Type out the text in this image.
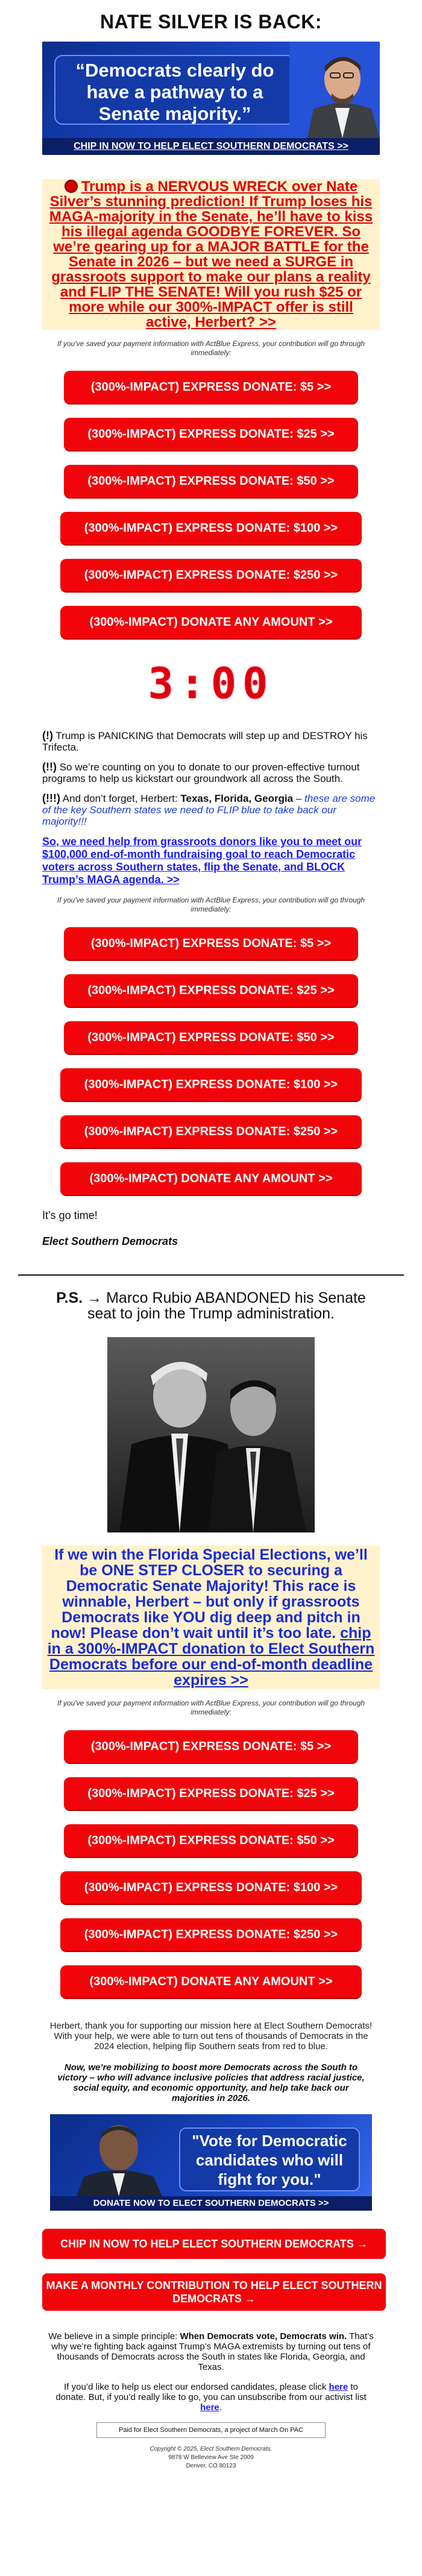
NATE SILVER IS BACK:
“Democrats clearly do have a pathway to a Senate majority.”
CHIP IN NOW TO HELP ELECT SOUTHERN DEMOCRATS >>

Trump is a NERVOUS WRECK over Nate Silver’s stunning prediction! If Trump loses his MAGA-majority in the Senate, he’ll have to kiss his illegal agenda GOODBYE FOREVER. So we’re gearing up for a MAJOR BATTLE for the Senate in 2026 – but we need a SURGE in grassroots support to make our plans a reality and FLIP THE SENATE! Will you rush $25 or more while our 300%-IMPACT offer is still active, Herbert? >>

If you've saved your payment information with ActBlue Express, your contribution will go through immediately:

(300%-IMPACT) EXPRESS DONATE: $5 >>
(300%-IMPACT) EXPRESS DONATE: $25 >>
(300%-IMPACT) EXPRESS DONATE: $50 >>
(300%-IMPACT) EXPRESS DONATE: $100 >>
(300%-IMPACT) EXPRESS DONATE: $250 >>
(300%-IMPACT) DONATE ANY AMOUNT >>
3:00

(!) Trump is PANICKING that Democrats will step up and DESTROY his Trifecta.

(!!) So we’re counting on you to donate to our proven-effective turnout programs to help us kickstart our groundwork all across the South.

(!!!) And don’t forget, Herbert: Texas, Florida, Georgia – these are some of the key Southern states we need to FLIP blue to take back our majority!!!

So, we need help from grassroots donors like you to meet our $100,000 end-of-month fundraising goal to reach Democratic voters across Southern states, flip the Senate, and BLOCK Trump’s MAGA agenda. >>

If you've saved your payment information with ActBlue Express, your contribution will go through immediately:

(300%-IMPACT) EXPRESS DONATE: $5 >>
(300%-IMPACT) EXPRESS DONATE: $25 >>
(300%-IMPACT) EXPRESS DONATE: $50 >>
(300%-IMPACT) EXPRESS DONATE: $100 >>
(300%-IMPACT) EXPRESS DONATE: $250 >>
(300%-IMPACT) DONATE ANY AMOUNT >>

It’s go time!

Elect Southern Democrats

P.S. → Marco Rubio ABANDONED his Senate seat to join the Trump administration.

If we win the Florida Special Elections, we’ll be ONE STEP CLOSER to securing a Democratic Senate Majority! This race is winnable, Herbert – but only if grassroots Democrats like YOU dig deep and pitch in now! Please don’t wait until it’s too late. chip in a 300%-IMPACT donation to Elect Southern Democrats before our end-of-month deadline expires >>

If you've saved your payment information with ActBlue Express, your contribution will go through immediately:

(300%-IMPACT) EXPRESS DONATE: $5 >>
(300%-IMPACT) EXPRESS DONATE: $25 >>
(300%-IMPACT) EXPRESS DONATE: $50 >>
(300%-IMPACT) EXPRESS DONATE: $100 >>
(300%-IMPACT) EXPRESS DONATE: $250 >>
(300%-IMPACT) DONATE ANY AMOUNT >>

Herbert, thank you for supporting our mission here at Elect Southern Democrats! With your help, we were able to turn out tens of thousands of Democrats in the 2024 election, helping flip Southern seats from red to blue.

Now, we’re mobilizing to boost more Democrats across the South to victory – who will advance inclusive policies that address racial justice, social equity, and economic opportunity, and help take back our majorities in 2026.

"Vote for Democratic candidates who will fight for you."
DONATE NOW TO ELECT SOUTHERN DEMOCRATS >>
CHIP IN NOW TO HELP ELECT SOUTHERN DEMOCRATS →
MAKE A MONTHLY CONTRIBUTION TO HELP ELECT SOUTHERN DEMOCRATS →

We believe in a simple principle: When Democrats vote, Democrats win. That’s why we’re fighting back against Trump’s MAGA extremists by turning out tens of thousands of Democrats across the South in states like Florida, Georgia, and Texas.

If you’d like to help us elect our endorsed candidates, please click here to donate. But, if you’d really like to go, you can unsubscribe from our activist list here.

Paid for Elect Southern Democrats, a project of March On PAC
Copyright © 2025, Elect Southern Democrats.
9878 W Belleview Ave Ste 2009
Denver, CO 80123
